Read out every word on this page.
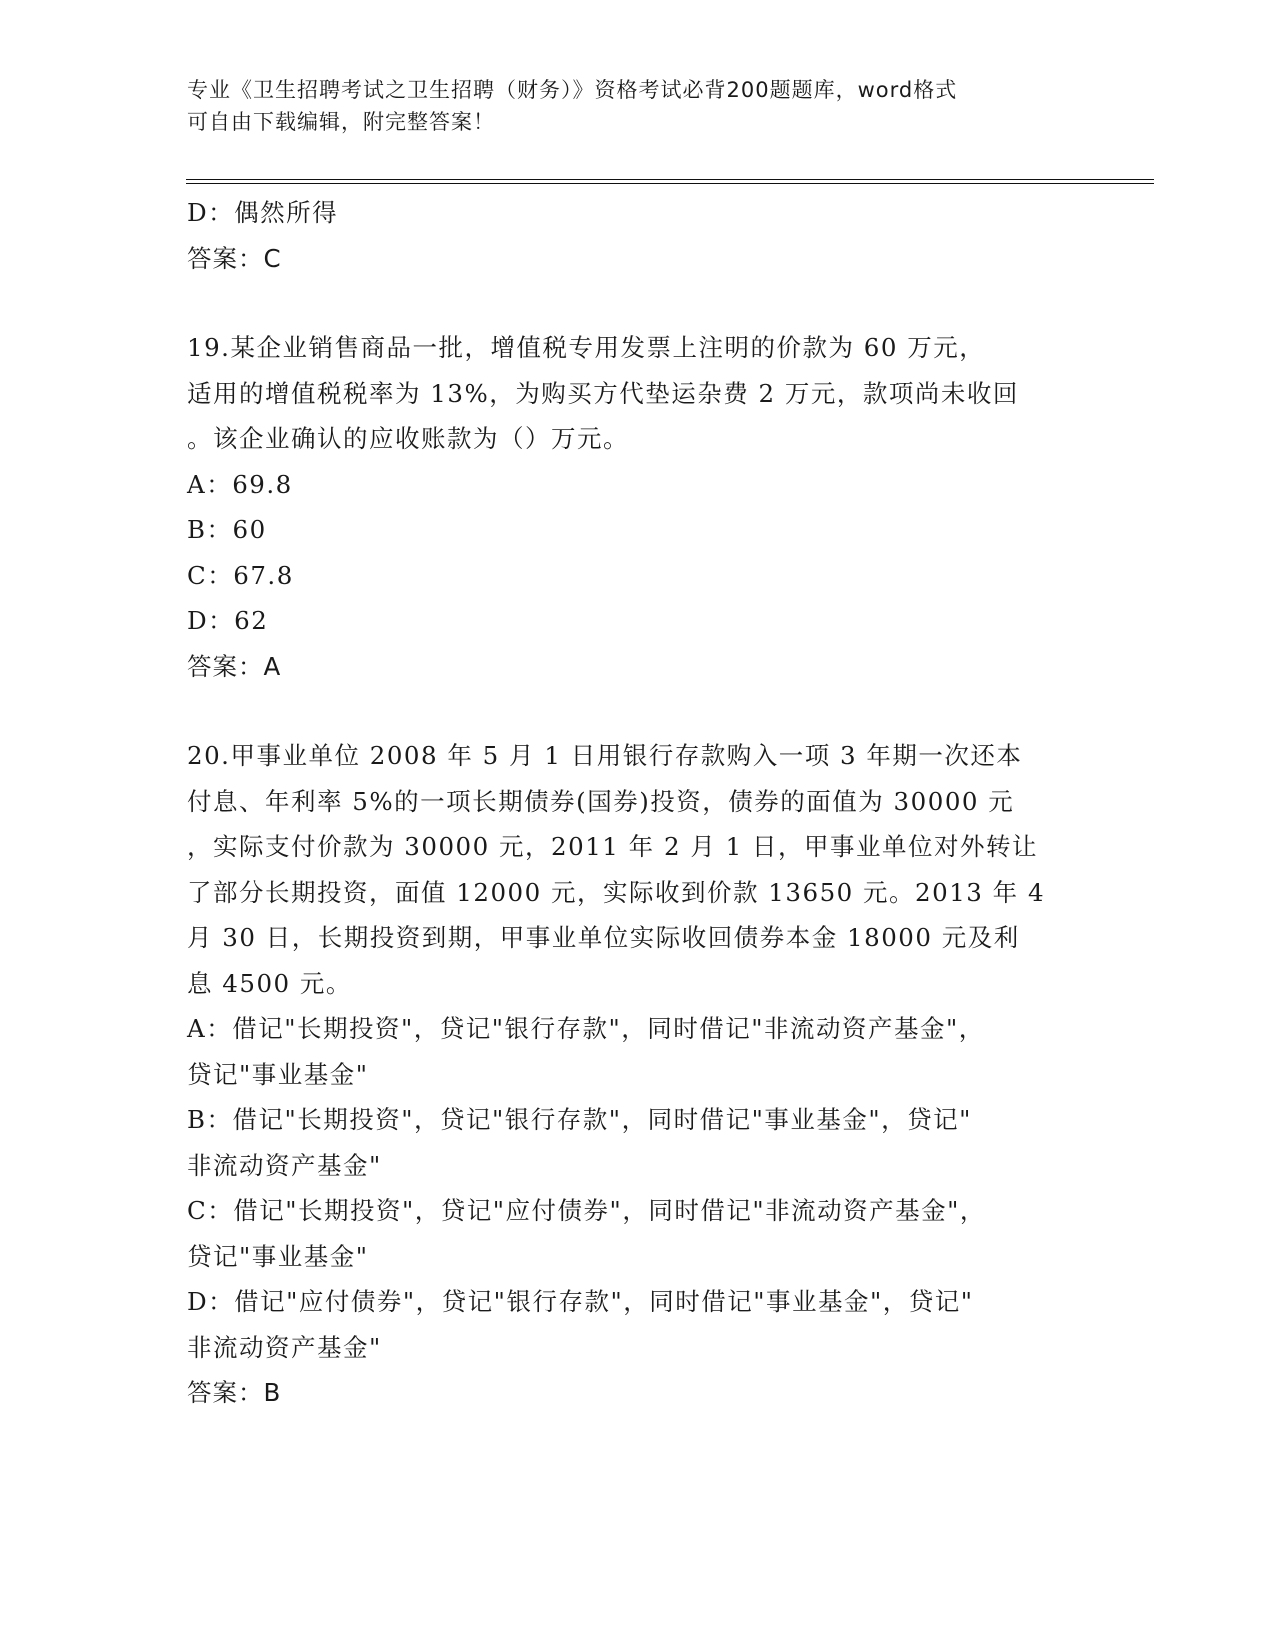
专业《卫生招聘考试之卫生招聘（财务）》资格考试必背200题题库，word格式
可自由下载编辑，附完整答案！
D：偶然所得
答案：C
19.某企业销售商品一批，增值税专用发票上注明的价款为 60 万元，
适用的增值税税率为 13%，为购买方代垫运杂费 2 万元，款项尚未收回
。该企业确认的应收账款为（）万元。
A：69.8
B：60
C：67.8
D：62
答案：A
20.甲事业单位 2008 年 5 月 1 日用银行存款购入一项 3 年期一次还本
付息、年利率 5%的一项长期债券(国券)投资，债券的面值为 30000 元
，实际支付价款为 30000 元，2011 年 2 月 1 日，甲事业单位对外转让
了部分长期投资，面值 12000 元，实际收到价款 13650 元。2013 年 4
月 30 日，长期投资到期，甲事业单位实际收回债券本金 18000 元及利
息 4500 元。
A：借记"长期投资"，贷记"银行存款"，同时借记"非流动资产基金"，
贷记"事业基金"
B：借记"长期投资"，贷记"银行存款"，同时借记"事业基金"，贷记"
非流动资产基金"
C：借记"长期投资"，贷记"应付债券"，同时借记"非流动资产基金"，
贷记"事业基金"
D：借记"应付债券"，贷记"银行存款"，同时借记"事业基金"，贷记"
非流动资产基金"
答案：B
